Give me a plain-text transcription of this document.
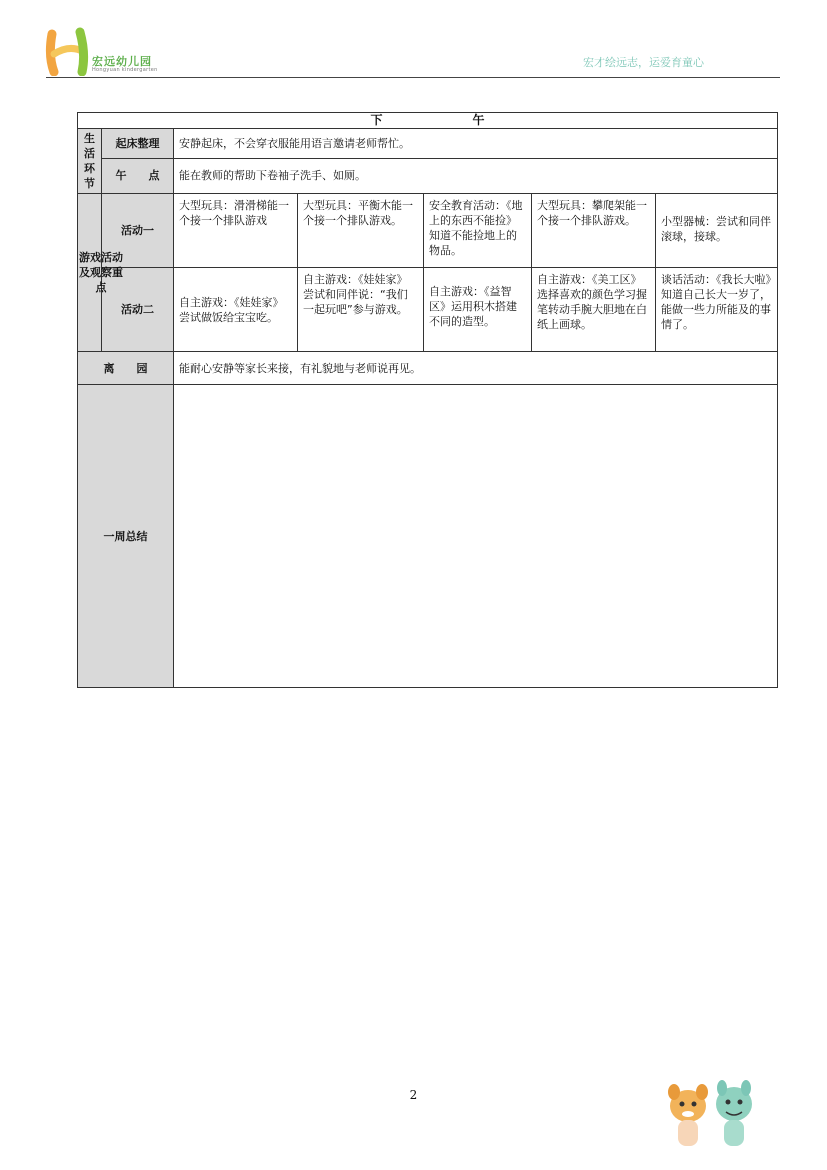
宏远幼儿园
Hongyuan kindergarten
宏才绘远志，运爱育童心
下 午						
生活环节	起床整理	安静起床，不会穿衣服能用语言邀请老师帮忙。				
	午　　点	能在教师的帮助下卷袖子洗手、如厕。				

游戏活动及观察重点	活动一	大型玩具：滑滑梯能一个接一个排队游戏	大型玩具：平衡木能一个接一个排队游戏。	安全教育活动：《地上的东西不能捡》知道不能捡地上的物品。	大型玩具：攀爬架能一个接一个排队游戏。	小型器械：尝试和同伴滚球，接球。
	活动二	自主游戏：《娃娃家》尝试做饭给宝宝吃。	自主游戏：《娃娃家》尝试和同伴说：“我们一起玩吧”参与游戏。	自主游戏：《益智区》运用积木搭建不同的造型。	自主游戏：《美工区》选择喜欢的颜色学习握笔转动手腕大胆地在白纸上画球。	谈话活动：《我长大啦》知道自己长大一岁了，能做一些力所能及的事情了。
离　　园		能耐心安静等家长来接，有礼貌地与老师说再见。				
一周总结						
2
